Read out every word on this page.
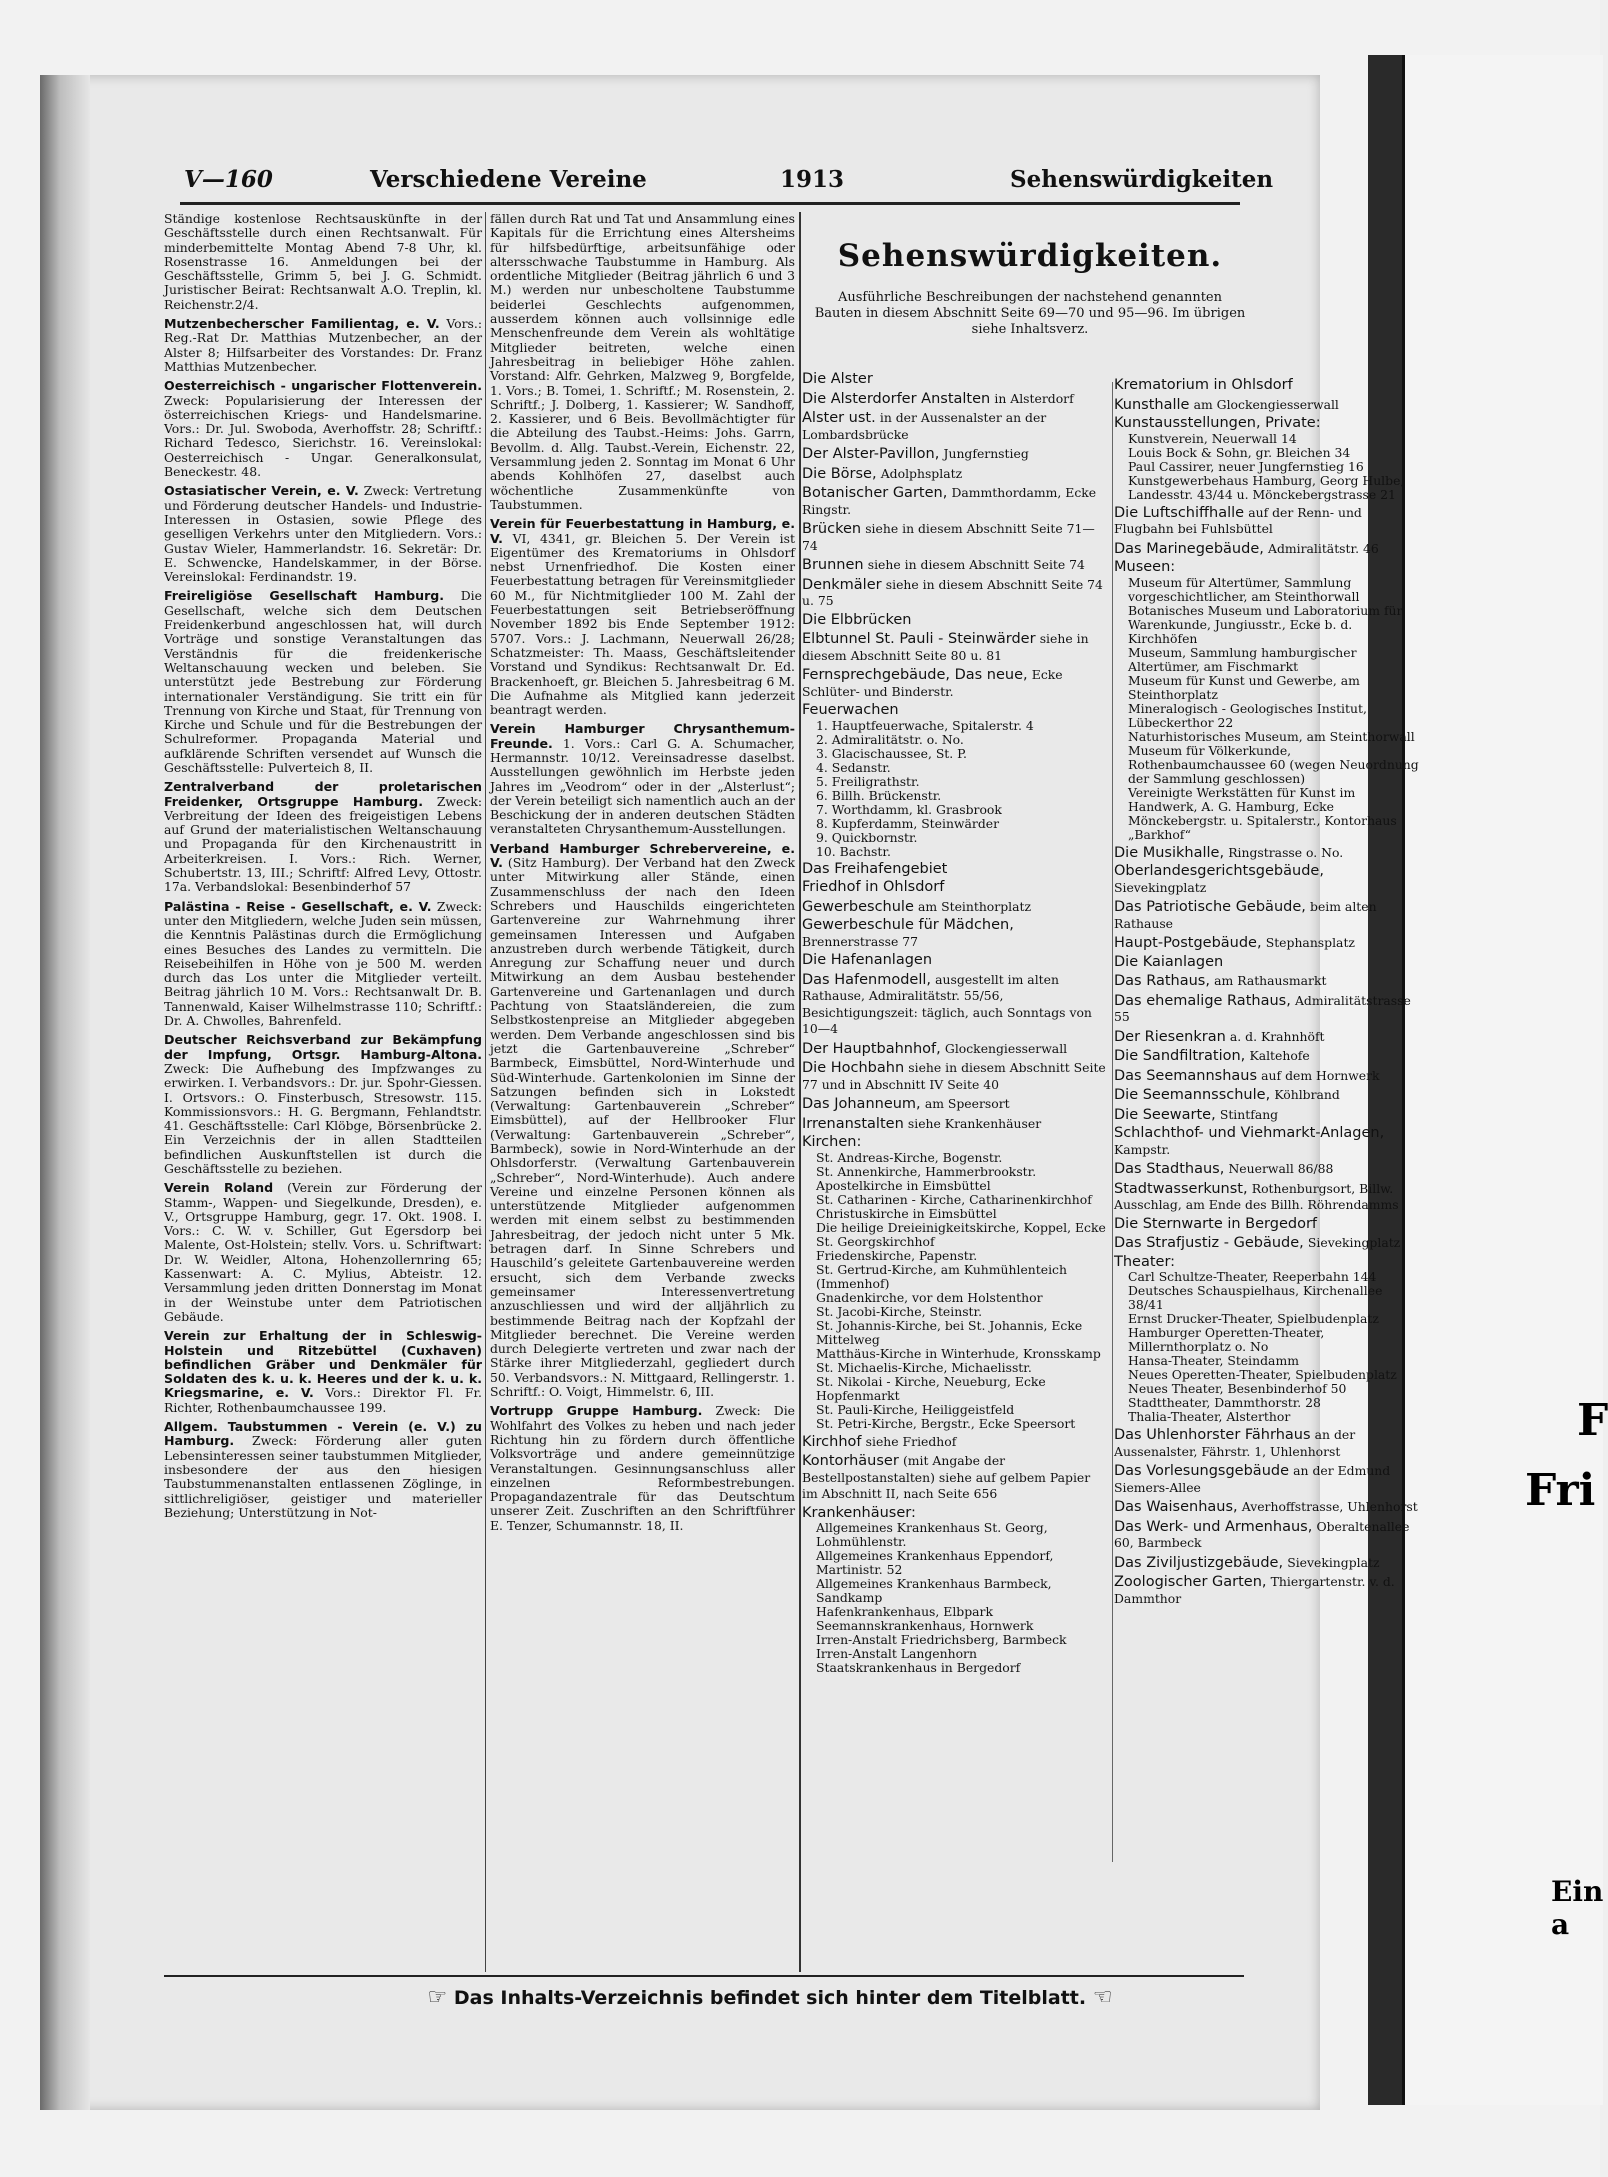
F
Fri
Ein a
V—160	Verschiedene Vereine	1913	Sehenswürdigkeiten
Ständige kostenlose Rechtsauskünfte in der Geschäftsstelle durch einen Rechtsanwalt. Für minderbemittelte Montag Abend 7-8 Uhr, kl. Rosenstrasse 16. Anmeldungen bei der Geschäftsstelle, Grimm 5, bei J. G. Schmidt. Juristischer Beirat: Rechtsanwalt A.O. Treplin, kl. Reichenstr.2/4.
Mutzenbecherscher Familientag, e. V. Vors.: Reg.-Rat Dr. Matthias Mutzenbecher, an der Alster 8; Hilfsarbeiter des Vorstandes: Dr. Franz Matthias Mutzenbecher.
Oesterreichisch - ungarischer Flottenverein. Zweck: Popularisierung der Interessen der österreichischen Kriegs- und Handelsmarine. Vors.: Dr. Jul. Swoboda, Averhoffstr. 28; Schriftf.: Richard Tedesco, Sierichstr. 16. Vereinslokal: Oesterreichisch - Ungar. Generalkonsulat, Beneckestr. 48.
Ostasiatischer Verein, e. V. Zweck: Vertretung und Förderung deutscher Handels- und Industrie-Interessen in Ostasien, sowie Pflege des geselligen Verkehrs unter den Mitgliedern. Vors.: Gustav Wieler, Hammerlandstr. 16. Sekretär: Dr. E. Schwencke, Handelskammer, in der Börse. Vereinslokal: Ferdinandstr. 19.
Freireligiöse Gesellschaft Hamburg. Die Gesellschaft, welche sich dem Deutschen Freidenkerbund angeschlossen hat, will durch Vorträge und sonstige Veranstaltungen das Verständnis für die freidenkerische Weltanschauung wecken und beleben. Sie unterstützt jede Bestrebung zur Förderung internationaler Verständigung. Sie tritt ein für Trennung von Kirche und Staat, für Trennung von Kirche und Schule und für die Bestrebungen der Schulreformer. Propaganda Material und aufklärende Schriften versendet auf Wunsch die Geschäftsstelle: Pulverteich 8, II.
Zentralverband der proletarischen Freidenker, Ortsgruppe Hamburg. Zweck: Verbreitung der Ideen des freigeistigen Lebens auf Grund der materialistischen Weltanschauung und Propaganda für den Kirchenaustritt in Arbeiterkreisen. I. Vors.: Rich. Werner, Schubertstr. 13, III.; Schriftf: Alfred Levy, Ottostr. 17a. Verbandslokal: Besenbinderhof 57
Palästina - Reise - Gesellschaft, e. V. Zweck: unter den Mitgliedern, welche Juden sein müssen, die Kenntnis Palästinas durch die Ermöglichung eines Besuches des Landes zu vermitteln. Die Reisebeihilfen in Höhe von je 500 M. werden durch das Los unter die Mitglieder verteilt. Beitrag jährlich 10 M. Vors.: Rechtsanwalt Dr. B. Tannenwald, Kaiser Wilhelmstrasse 110; Schriftf.: Dr. A. Chwolles, Bahrenfeld.
Deutscher Reichsverband zur Bekämpfung der Impfung, Ortsgr. Hamburg-Altona. Zweck: Die Aufhebung des Impfzwanges zu erwirken. I. Verbandsvors.: Dr. jur. Spohr-Giessen. I. Ortsvors.: O. Finsterbusch, Stresowstr. 115. Kommissionsvors.: H. G. Bergmann, Fehlandtstr. 41. Geschäftsstelle: Carl Klöbge, Börsenbrücke 2. Ein Verzeichnis der in allen Stadtteilen befindlichen Auskunftstellen ist durch die Geschäftsstelle zu beziehen.
Verein Roland (Verein zur Förderung der Stamm-, Wappen- und Siegelkunde, Dresden), e. V., Ortsgruppe Hamburg, gegr. 17. Okt. 1908. I. Vors.: C. W. v. Schiller, Gut Egersdorp bei Malente, Ost-Holstein; stellv. Vors. u. Schriftwart: Dr. W. Weidler, Altona, Hohenzollernring 65; Kassenwart: A. C. Mylius, Abteistr. 12. Versammlung jeden dritten Donnerstag im Monat in der Weinstube unter dem Patriotischen Gebäude.
Verein zur Erhaltung der in Schleswig-Holstein und Ritzebüttel (Cuxhaven) befindlichen Gräber und Denkmäler für Soldaten des k. u. k. Heeres und der k. u. k. Kriegsmarine, e. V. Vors.: Direktor Fl. Fr. Richter, Rothenbaumchaussee 199.
Allgem. Taubstummen - Verein (e. V.) zu Hamburg. Zweck: Förderung aller guten Lebensinteressen seiner taubstummen Mitglieder, insbesondere der aus den hiesigen Taubstummenanstalten entlassenen Zöglinge, in sittlichreligiöser, geistiger und materieller Beziehung; Unterstützung in Not-
fällen durch Rat und Tat und Ansammlung eines Kapitals für die Errichtung eines Altersheims für hilfsbedürftige, arbeitsunfähige oder altersschwache Taubstumme in Hamburg. Als ordentliche Mitglieder (Beitrag jährlich 6 und 3 M.) werden nur unbescholtene Taubstumme beiderlei Geschlechts aufgenommen, ausserdem können auch vollsinnige edle Menschenfreunde dem Verein als wohltätige Mitglieder beitreten, welche einen Jahresbeitrag in beliebiger Höhe zahlen. Vorstand: Alfr. Gehrken, Malzweg 9, Borgfelde, 1. Vors.; B. Tomei, 1. Schriftf.; M. Rosenstein, 2. Schriftf.; J. Dolberg, 1. Kassierer; W. Sandhoff, 2. Kassierer, und 6 Beis. Bevollmächtigter für die Abteilung des Taubst.-Heims: Johs. Garrn, Bevollm. d. Allg. Taubst.-Verein, Eichenstr. 22, Versammlung jeden 2. Sonntag im Monat 6 Uhr abends Kohlhöfen 27, daselbst auch wöchentliche Zusammenkünfte von Taubstummen.
Verein für Feuerbestattung in Hamburg, e. V. VI, 4341, gr. Bleichen 5. Der Verein ist Eigentümer des Krematoriums in Ohlsdorf nebst Urnenfriedhof. Die Kosten einer Feuerbestattung betragen für Vereinsmitglieder 60 M., für Nichtmitglieder 100 M. Zahl der Feuerbestattungen seit Betriebseröffnung November 1892 bis Ende September 1912: 5707. Vors.: J. Lachmann, Neuerwall 26/28; Schatzmeister: Th. Maass, Geschäftsleitender Vorstand und Syndikus: Rechtsanwalt Dr. Ed. Brackenhoeft, gr. Bleichen 5. Jahresbeitrag 6 M. Die Aufnahme als Mitglied kann jederzeit beantragt werden.
Verein Hamburger Chrysanthemum-Freunde. 1. Vors.: Carl G. A. Schumacher, Hermannstr. 10/12. Vereinsadresse daselbst. Ausstellungen gewöhnlich im Herbste jeden Jahres im „Veodrom“ oder in der „Alsterlust“; der Verein beteiligt sich namentlich auch an der Beschickung der in anderen deutschen Städten veranstalteten Chrysanthemum-Ausstellungen.
Verband Hamburger Schrebervereine, e. V. (Sitz Hamburg). Der Verband hat den Zweck unter Mitwirkung aller Stände, einen Zusammenschluss der nach den Ideen Schrebers und Hauschilds eingerichteten Gartenvereine zur Wahrnehmung ihrer gemeinsamen Interessen und Aufgaben anzustreben durch werbende Tätigkeit, durch Anregung zur Schaffung neuer und durch Mitwirkung an dem Ausbau bestehender Gartenvereine und Gartenanlagen und durch Pachtung von Staatsländereien, die zum Selbstkostenpreise an Mitglieder abgegeben werden. Dem Verbande angeschlossen sind bis jetzt die Gartenbauvereine „Schreber“ Barmbeck, Eimsbüttel, Nord-Winterhude und Süd-Winterhude. Gartenkolonien im Sinne der Satzungen befinden sich in Lokstedt (Verwaltung: Gartenbauverein „Schreber“ Eimsbüttel), auf der Hellbrooker Flur (Verwaltung: Gartenbauverein „Schreber“, Barmbeck), sowie in Nord-Winterhude an der Ohlsdorferstr. (Verwaltung Gartenbauverein „Schreber“, Nord-Winterhude). Auch andere Vereine und einzelne Personen können als unterstützende Mitglieder aufgenommen werden mit einem selbst zu bestimmenden Jahresbeitrag, der jedoch nicht unter 5 Mk. betragen darf. In Sinne Schrebers und Hauschild’s geleitete Gartenbauvereine werden ersucht, sich dem Verbande zwecks gemeinsamer Interessenvertretung anzuschliessen und wird der alljährlich zu bestimmende Beitrag nach der Kopfzahl der Mitglieder berechnet. Die Vereine werden durch Delegierte vertreten und zwar nach der Stärke ihrer Mitgliederzahl, gegliedert durch 50. Verbandsvors.: N. Mittgaard, Rellingerstr. 1. Schriftf.: O. Voigt, Himmelstr. 6, III.
Vortrupp Gruppe Hamburg. Zweck: Die Wohlfahrt des Volkes zu heben und nach jeder Richtung hin zu fördern durch öffentliche Volksvorträge und andere gemeinnützige Veranstaltungen. Gesinnungsanschluss aller einzelnen Reformbestrebungen. Propagandazentrale für das Deutschtum unserer Zeit. Zuschriften an den Schriftführer E. Tenzer, Schumannstr. 18, II.
Sehenswürdigkeiten.
Ausführliche Beschreibungen der nachstehend genannten Bauten in diesem Abschnitt Seite 69—70 und 95—96. Im übrigen siehe Inhaltsverz.
Die Alster
Die Alsterdorfer Anstalten in Alsterdorf
Alster ust. in der Aussenalster an der Lombardsbrücke
Der Alster-Pavillon, Jungfernstieg
Die Börse, Adolphsplatz
Botanischer Garten, Dammthordamm, Ecke Ringstr.
Brücken siehe in diesem Abschnitt Seite 71—74
Brunnen siehe in diesem Abschnitt Seite 74
Denkmäler siehe in diesem Abschnitt Seite 74 u. 75
Die Elbbrücken
Elbtunnel St. Pauli - Steinwärder siehe in diesem Abschnitt Seite 80 u. 81
Fernsprechgebäude, Das neue, Ecke Schlüter- und Binderstr.
Feuerwachen
1. Hauptfeuerwache, Spitalerstr. 4
2. Admiralitätstr. o. No.
3. Glacischaussee, St. P.
4. Sedanstr.
5. Freiligrathstr.
6. Billh. Brückenstr.
7. Worthdamm, kl. Grasbrook
8. Kupferdamm, Steinwärder
9. Quickbornstr.
10. Bachstr.
Das Freihafengebiet
Friedhof in Ohlsdorf
Gewerbeschule am Steinthorplatz
Gewerbeschule für Mädchen, Brennerstrasse 77
Die Hafenanlagen
Das Hafenmodell, ausgestellt im alten Rathause, Admiralitätstr. 55/56, Besichtigungszeit: täglich, auch Sonntags von 10—4
Der Hauptbahnhof, Glockengiesserwall
Die Hochbahn siehe in diesem Abschnitt Seite 77 und in Abschnitt IV Seite 40
Das Johanneum, am Speersort
Irrenanstalten siehe Krankenhäuser
Kirchen:
St. Andreas-Kirche, Bogenstr.
St. Annenkirche, Hammerbrookstr.
Apostelkirche in Eimsbüttel
St. Catharinen - Kirche, Catharinenkirchhof
Christuskirche in Eimsbüttel
Die heilige Dreieinigkeitskirche, Koppel, Ecke St. Georgskirchhof
Friedenskirche, Papenstr.
St. Gertrud-Kirche, am Kuhmühlenteich (Immenhof)
Gnadenkirche, vor dem Holstenthor
St. Jacobi-Kirche, Steinstr.
St. Johannis-Kirche, bei St. Johannis, Ecke Mittelweg
Matthäus-Kirche in Winterhude, Kronsskamp
St. Michaelis-Kirche, Michaelisstr.
St. Nikolai - Kirche, Neueburg, Ecke Hopfenmarkt
St. Pauli-Kirche, Heiliggeistfeld
St. Petri-Kirche, Bergstr., Ecke Speersort
Kirchhof siehe Friedhof
Kontorhäuser (mit Angabe der Bestellpostanstalten) siehe auf gelbem Papier im Abschnitt II, nach Seite 656
Krankenhäuser:
Allgemeines Krankenhaus St. Georg, Lohmühlenstr.
Allgemeines Krankenhaus Eppendorf, Martinistr. 52
Allgemeines Krankenhaus Barmbeck, Sandkamp
Hafenkrankenhaus, Elbpark
Seemannskrankenhaus, Hornwerk
Irren-Anstalt Friedrichsberg, Barmbeck
Irren-Anstalt Langenhorn
Staatskrankenhaus in Bergedorf
Krematorium in Ohlsdorf
Kunsthalle am Glockengiesserwall
Kunstausstellungen, Private:
Kunstverein, Neuerwall 14
Louis Bock & Sohn, gr. Bleichen 34
Paul Cassirer, neuer Jungfernstieg 16
Kunstgewerbehaus Hamburg, Georg Hulbe, Landesstr. 43/44 u. Mönckebergstrasse 21
Die Luftschiffhalle auf der Renn- und Flugbahn bei Fuhlsbüttel
Das Marinegebäude, Admiralitätstr. 46
Museen:
Museum für Altertümer, Sammlung vorgeschichtlicher, am Steinthorwall
Botanisches Museum und Laboratorium für Warenkunde, Jungiusstr., Ecke b. d. Kirchhöfen
Museum, Sammlung hamburgischer Altertümer, am Fischmarkt
Museum für Kunst und Gewerbe, am Steinthorplatz
Mineralogisch - Geologisches Institut, Lübeckerthor 22
Naturhistorisches Museum, am Steinthorwall
Museum für Völkerkunde, Rothenbaumchaussee 60 (wegen Neuordnung der Sammlung geschlossen)
Vereinigte Werkstätten für Kunst im Handwerk, A. G. Hamburg, Ecke Mönckebergstr. u. Spitalerstr., Kontorhaus „Barkhof“
Die Musikhalle, Ringstrasse o. No.
Oberlandesgerichtsgebäude, Sievekingplatz
Das Patriotische Gebäude, beim alten Rathause
Haupt-Postgebäude, Stephansplatz
Die Kaianlagen
Das Rathaus, am Rathausmarkt
Das ehemalige Rathaus, Admiralitätstrasse 55
Der Riesenkran a. d. Krahnhöft
Die Sandfiltration, Kaltehofe
Das Seemannshaus auf dem Hornwerk
Die Seemannsschule, Köhlbrand
Die Seewarte, Stintfang
Schlachthof- und Viehmarkt-Anlagen, Kampstr.
Das Stadthaus, Neuerwall 86/88
Stadtwasserkunst, Rothenburgsort, Billw. Ausschlag, am Ende des Billh. Röhrendamms
Die Sternwarte in Bergedorf
Das Strafjustiz - Gebäude, Sievekingplatz
Theater:
Carl Schultze-Theater, Reeperbahn 144
Deutsches Schauspielhaus, Kirchenallee 38/41
Ernst Drucker-Theater, Spielbudenplatz
Hamburger Operetten-Theater, Millernthorplatz o. No
Hansa-Theater, Steindamm
Neues Operetten-Theater, Spielbudenplatz
Neues Theater, Besenbinderhof 50
Stadttheater, Dammthorstr. 28
Thalia-Theater, Alsterthor
Das Uhlenhorster Fährhaus an der Aussenalster, Fährstr. 1, Uhlenhorst
Das Vorlesungsgebäude an der Edmund Siemers-Allee
Das Waisenhaus, Averhoffstrasse, Uhlenhorst
Das Werk- und Armenhaus, Oberaltenallee 60, Barmbeck
Das Ziviljustizgebäude, Sievekingplatz
Zoologischer Garten, Thiergartenstr. v. d. Dammthor
☞ Das Inhalts-Verzeichnis befindet sich hinter dem Titelblatt. ☜
